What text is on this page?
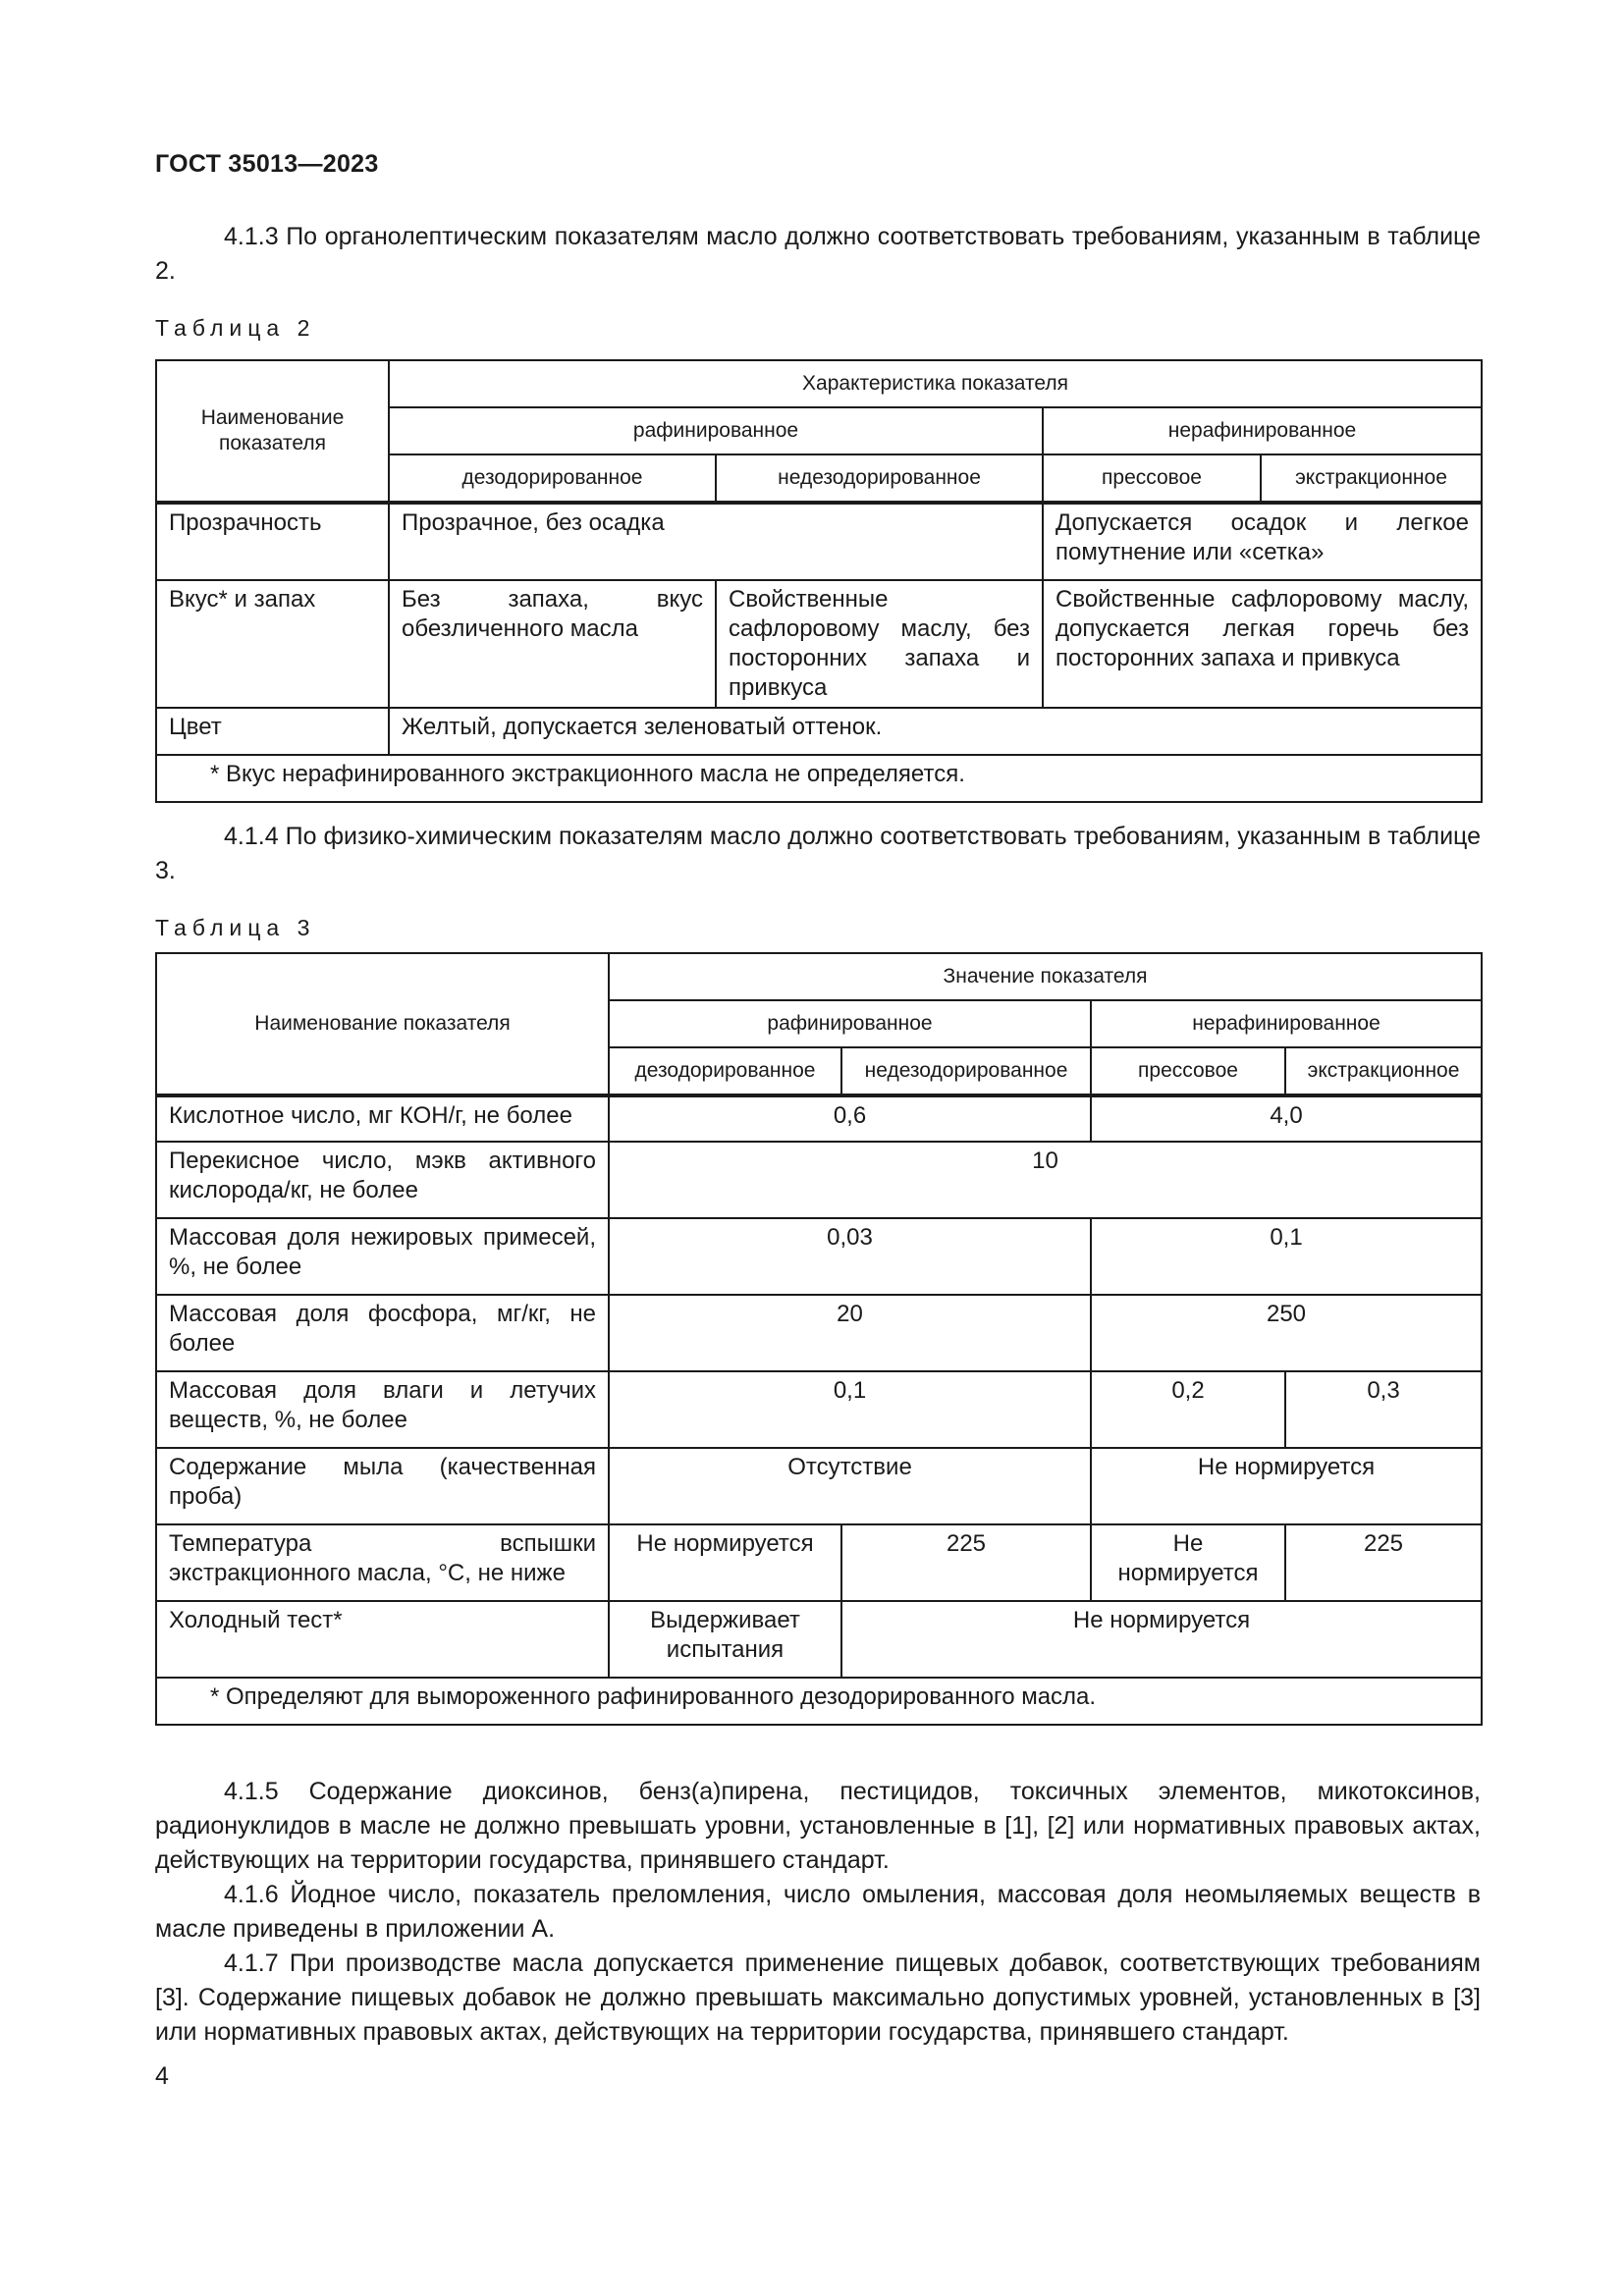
ГОСТ 35013—2023

4.1.3 По органолептическим показателям масло должно соответствовать требованиям, указанным в таблице 2.

Таблица 2
Наименование показателя	Характеристика показателя			
	рафинированное		нерафинированное	
	дезодорированное	недезодорированное	прессовое	экстракционное
Прозрачность	Прозрачное, без осадка		Допускается осадок и легкое помутнение или «сетка»	
Вкус* и запах	Без запаха, вкус обезличенного масла	Свойственные сафлоровому маслу, без посторонних запаха и привкуса	Свойственные сафлоровому маслу, допускается легкая горечь без посторонних запаха и привкуса	
Цвет	Желтый, допускается зеленоватый оттенок.			
* Вкус нерафинированного экстракционного масла не определяется.				

4.1.4 По физико-химическим показателям масло должно соответствовать требованиям, указанным в таблице 3.

Таблица 3
Наименование показателя	Значение показателя			
	рафинированное		нерафинированное	
	дезодорированное	недезодорированное	прессовое	экстракционное
Кислотное число, мг КОН/г, не более	0,6		4,0	
Перекисное число, мэкв активного кислорода/кг, не более	10			
Массовая доля нежировых примесей, %, не более	0,03		0,1	
Массовая доля фосфора, мг/кг, не более	20		250	
Массовая доля влаги и летучих веществ, %, не более	0,1		0,2	0,3
Содержание мыла (качественная проба)	Отсутствие		Не нормируется	
Температура вспышки экстракционного масла, °С, не ниже	Не нормируется	225	Не нормируется	225
Холодный тест*	Выдерживает испытания	Не нормируется		
* Определяют для вымороженного рафинированного дезодорированного масла.				

4.1.5 Содержание диоксинов, бенз(а)пирена, пестицидов, токсичных элементов, микотоксинов, радионуклидов в масле не должно превышать уровни, установленные в [1], [2] или нормативных правовых актах, действующих на территории государства, принявшего стандарт.

4.1.6 Йодное число, показатель преломления, число омыления, массовая доля неомыляемых веществ в масле приведены в приложении А.

4.1.7 При производстве масла допускается применение пищевых добавок, соответствующих требованиям [3]. Содержание пищевых добавок не должно превышать максимально допустимых уровней, установленных в [3] или нормативных правовых актах, действующих на территории государства, принявшего стандарт.

4
